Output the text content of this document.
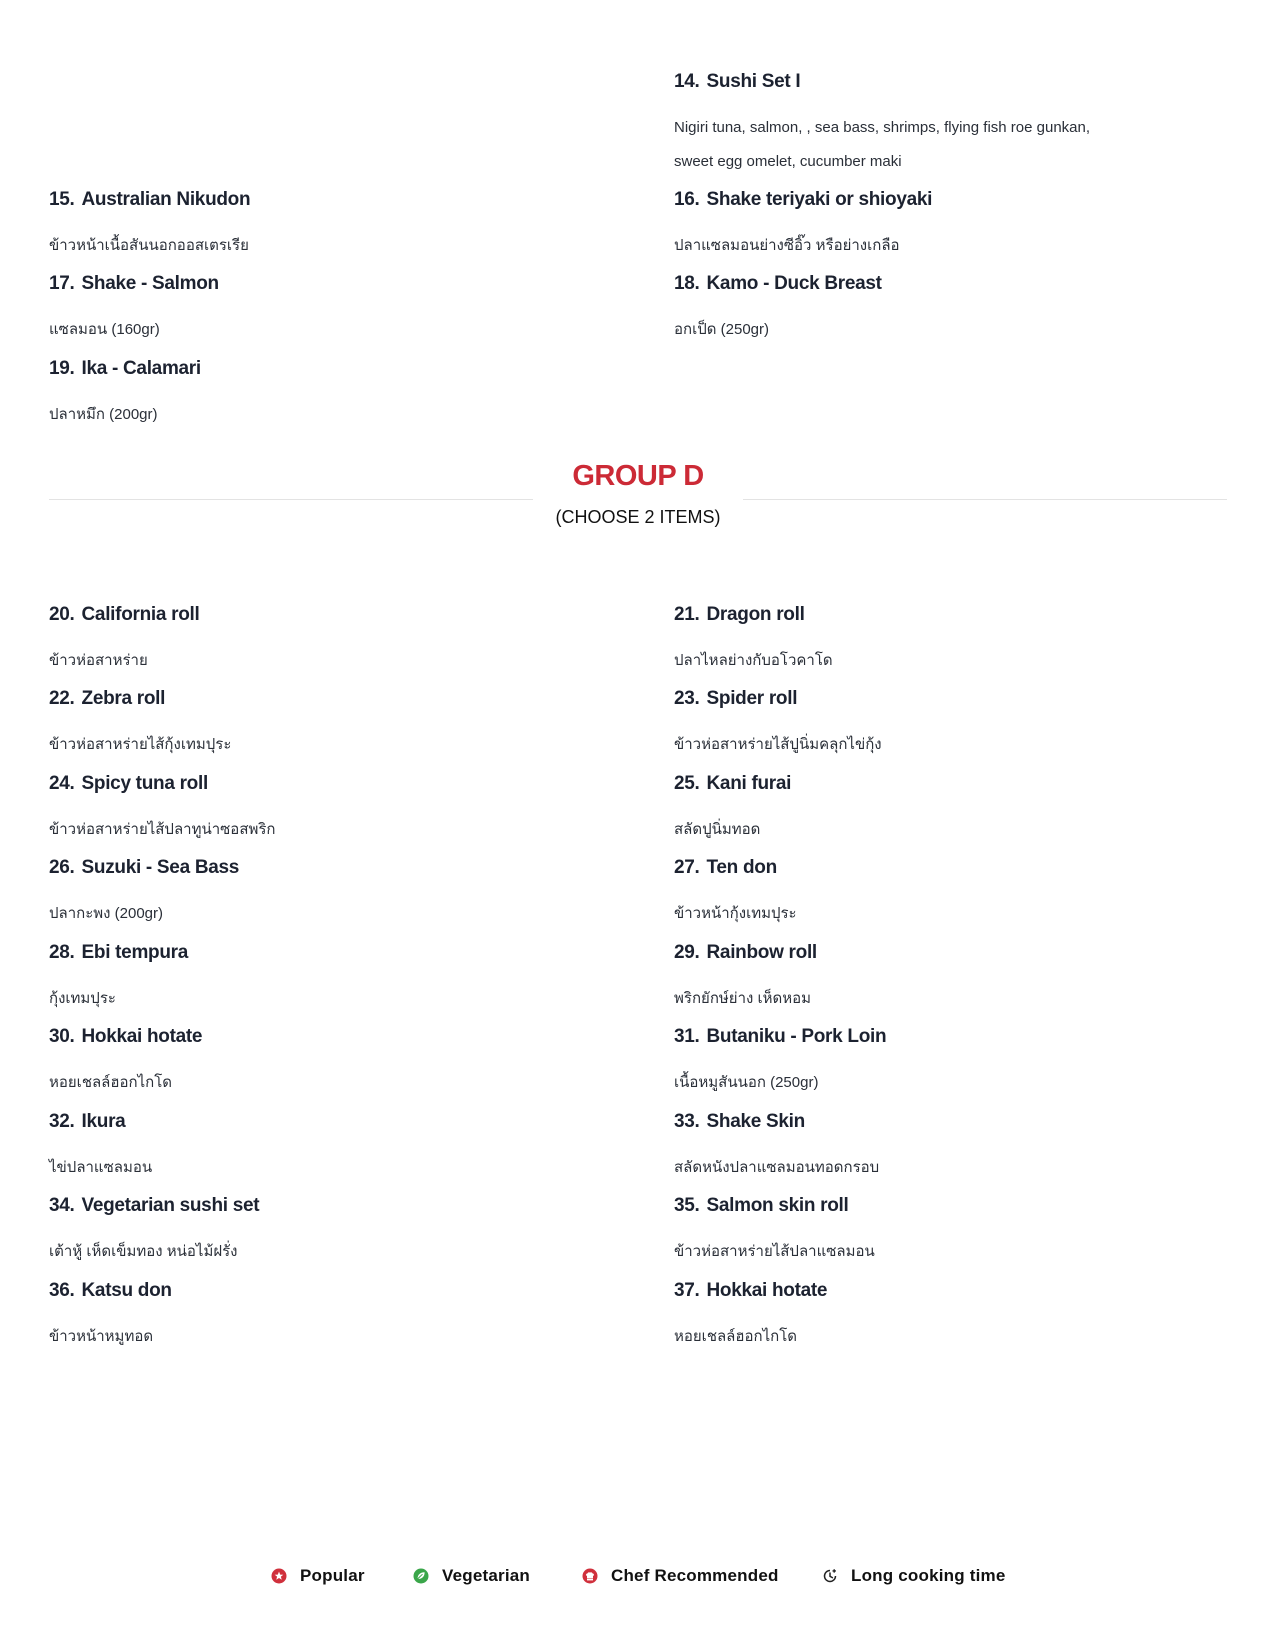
14. Sushi Set I
Nigiri tuna, salmon, , sea bass, shrimps, flying fish roe gunkan, sweet egg omelet, cucumber maki
15. Australian Nikudon
ข้าวหน้าเนื้อสันนอกออสเตรเรีย
16. Shake teriyaki or shioyaki
ปลาแซลมอนย่างซีอิ๊ว หรือย่างเกลือ
17. Shake - Salmon
แซลมอน (160gr)
18. Kamo - Duck Breast
อกเป็ด (250gr)
19. Ika - Calamari
ปลาหมึก (200gr)
GROUP D
(CHOOSE 2 ITEMS)
20. California roll
ข้าวห่อสาหร่าย
21. Dragon roll
ปลาไหลย่างกับอโวคาโด
22. Zebra roll
ข้าวห่อสาหร่ายไส้กุ้งเทมปุระ
23. Spider roll
ข้าวห่อสาหร่ายไส้ปูนิ่มคลุกไข่กุ้ง
24. Spicy tuna roll
ข้าวห่อสาหร่ายไส้ปลาทูน่าซอสพริก
25. Kani furai
สลัดปูนิ่มทอด
26. Suzuki - Sea Bass
ปลากะพง (200gr)
27. Ten don
ข้าวหน้ากุ้งเทมปุระ
28. Ebi tempura
กุ้งเทมปุระ
29. Rainbow roll
พริกยักษ์ย่าง เห็ดหอม
30. Hokkai hotate
หอยเชลล์ฮอกไกโด
31. Butaniku - Pork Loin
เนื้อหมูสันนอก (250gr)
32. Ikura
ไข่ปลาแซลมอน
33. Shake Skin
สลัดหนังปลาแซลมอนทอดกรอบ
34. Vegetarian sushi set
เต้าหู้ เห็ดเข็มทอง หน่อไม้ฝรั่ง
35. Salmon skin roll
ข้าวห่อสาหร่ายไส้ปลาแซลมอน
36. Katsu don
ข้าวหน้าหมูทอด
37. Hokkai hotate
หอยเชลล์ฮอกไกโด
Popular	Vegetarian	Chef Recommended	Long cooking time
